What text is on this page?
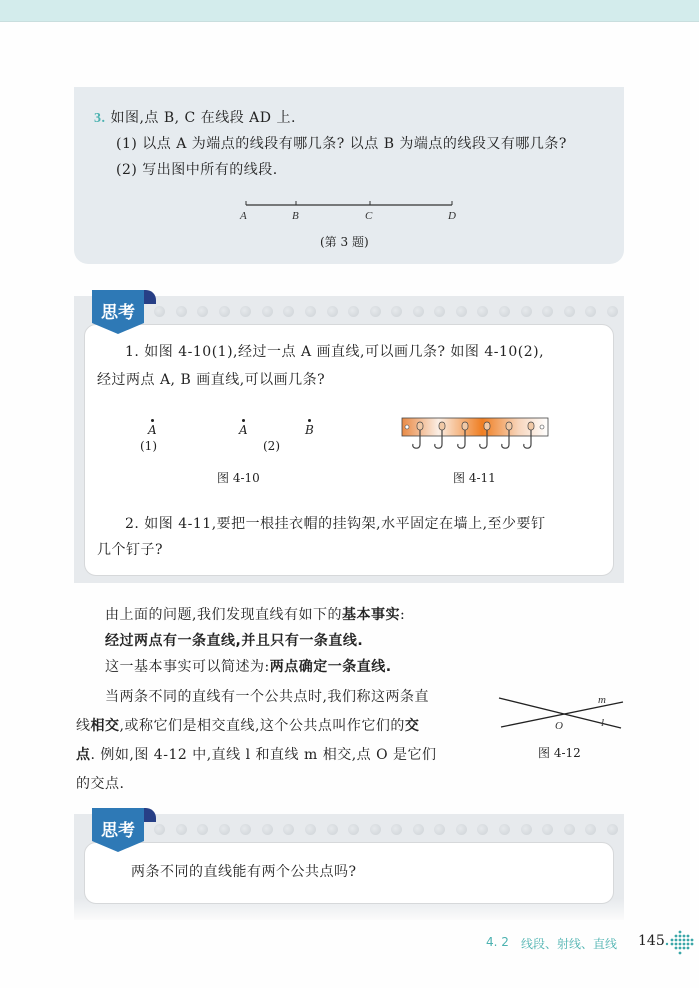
3. 如图,点 B, C 在线段 AD 上.
(1) 以点 A 为端点的线段有哪几条? 以点 B 为端点的线段又有哪几条?
(2) 写出图中所有的线段.
A	B	C	D
(第 3 题)
1. 如图 4-10(1),经过一点 A 画直线,可以画几条? 如图 4-10(2),
经过两点 A, B 画直线,可以画几条?
A
(1)
A	B
(2)
图 4-10	图 4-11
2. 如图 4-11,要把一根挂衣帽的挂钩架,水平固定在墙上,至少要钉
几个钉子?
思考
由上面的问题,我们发现直线有如下的基本事实:
经过两点有一条直线,并且只有一条直线.
这一基本事实可以简述为:两点确定一条直线.
当两条不同的直线有一个公共点时,我们称这两条直
线相交,或称它们是相交直线,这个公共点叫作它们的交
点. 例如,图 4-12 中,直线 l 和直线 m 相交,点 O 是它们
的交点.
m
l
O
图 4-12
两条不同的直线能有两个公共点吗?
思考
4. 2 线段、射线、直线 145
